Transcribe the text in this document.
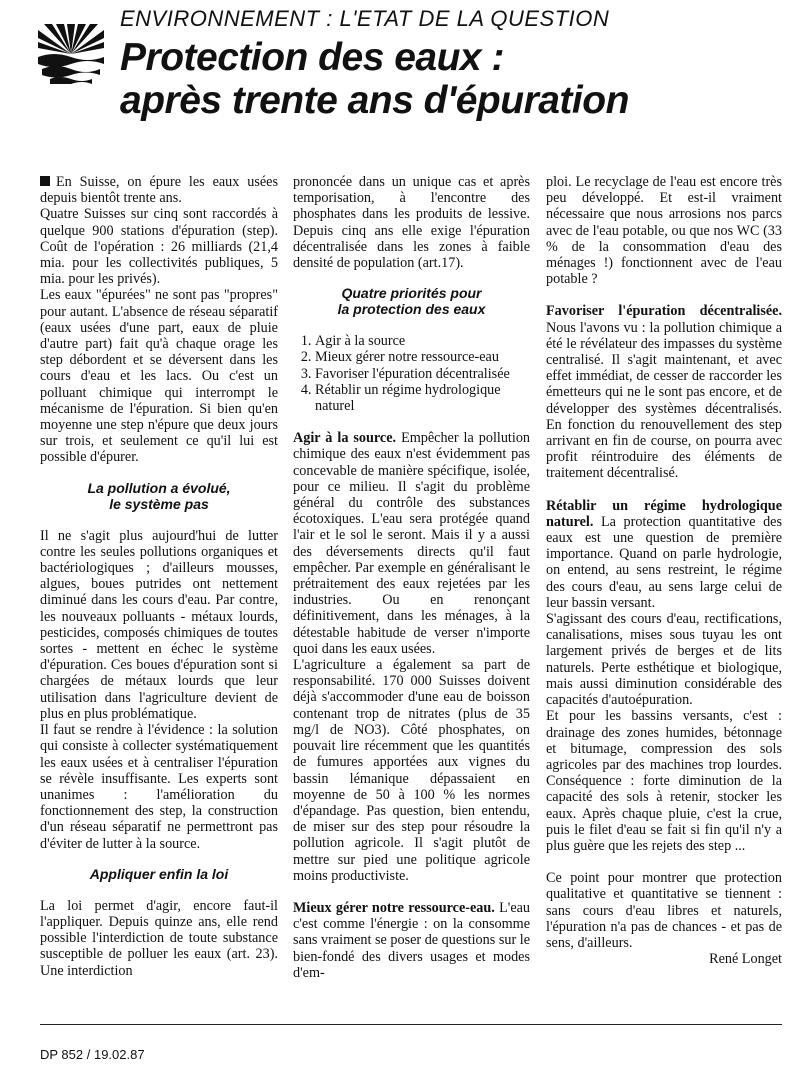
ENVIRONNEMENT : L'ETAT DE LA QUESTION
Protection des eaux :
après trente ans d'épuration

En Suisse, on épure les eaux usées depuis bientôt trente ans.

Quatre Suisses sur cinq sont raccordés à quelque 900 stations d'épuration (step). Coût de l'opération : 26 milliards (21,4 mia. pour les collectivités publiques, 5 mia. pour les privés).

Les eaux "épurées" ne sont pas "propres" pour autant. L'absence de réseau séparatif (eaux usées d'une part, eaux de pluie d'autre part) fait qu'à chaque orage les step débordent et se déversent dans les cours d'eau et les lacs. Ou c'est un polluant chimique qui interrompt le mécanisme de l'épuration. Si bien qu'en moyenne une step n'épure que deux jours sur trois, et seulement ce qu'il lui est possible d'épurer.

La pollution a évolué,
le système pas

Il ne s'agit plus aujourd'hui de lutter contre les seules pollutions organiques et bactériologiques ; d'ailleurs mousses, algues, boues putrides ont nettement diminué dans les cours d'eau. Par contre, les nouveaux polluants - métaux lourds, pesticides, composés chimiques de toutes sortes - mettent en échec le système d'épuration. Ces boues d'épuration sont si chargées de métaux lourds que leur utilisation dans l'agriculture devient de plus en plus problématique.

Il faut se rendre à l'évidence : la solution qui consiste à collecter systématiquement les eaux usées et à centraliser l'épuration se révèle insuffisante. Les experts sont unanimes : l'amélioration du fonctionnement des step, la construction d'un réseau séparatif ne permettront pas d'éviter de lutter à la source.

Appliquer enfin la loi

La loi permet d'agir, encore faut-il l'appliquer. Depuis quinze ans, elle rend possible l'interdiction de toute substance susceptible de polluer les eaux (art. 23). Une interdiction

prononcée dans un unique cas et après temporisation, à l'encontre des phosphates dans les produits de lessive. Depuis cinq ans elle exige l'épuration décentralisée dans les zones à faible densité de population (art.17).

Quatre priorités pour
la protection des eaux
1. Agir à la source
2. Mieux gérer notre ressource-eau
3. Favoriser l'épuration décentralisée
4. Rétablir un régime hydrologique naturel

Agir à la source. Empêcher la pollution chimique des eaux n'est évidemment pas concevable de manière spécifique, isolée, pour ce milieu. Il s'agit du problème général du contrôle des substances écotoxiques. L'eau sera protégée quand l'air et le sol le seront. Mais il y a aussi des déversements directs qu'il faut empêcher. Par exemple en généralisant le prétraitement des eaux rejetées par les industries. Ou en renonçant définitivement, dans les ménages, à la détestable habitude de verser n'importe quoi dans les eaux usées.

L'agriculture a également sa part de responsabilité. 170 000 Suisses doivent déjà s'accommoder d'une eau de boisson contenant trop de nitrates (plus de 35 mg/l de NO3). Côté phosphates, on pouvait lire récemment que les quantités de fumures apportées aux vignes du bassin lémanique dépassaient en moyenne de 50 à 100 % les normes d'épandage. Pas question, bien entendu, de miser sur des step pour résoudre la pollution agricole. Il s'agit plutôt de mettre sur pied une politique agricole moins productiviste.

Mieux gérer notre ressource-eau. L'eau c'est comme l'énergie : on la consomme sans vraiment se poser de questions sur le bien-fondé des divers usages et modes d'em-

ploi. Le recyclage de l'eau est encore très peu développé. Et est-il vraiment nécessaire que nous arrosions nos parcs avec de l'eau potable, ou que nos WC (33 % de la consommation d'eau des ménages !) fonctionnent avec de l'eau potable ?

Favoriser l'épuration décentralisée. Nous l'avons vu : la pollution chimique a été le révélateur des impasses du système centralisé. Il s'agit maintenant, et avec effet immédiat, de cesser de raccorder les émetteurs qui ne le sont pas encore, et de développer des systèmes décentralisés. En fonction du renouvellement des step arrivant en fin de course, on pourra avec profit réintroduire des éléments de traitement décentralisé.

Rétablir un régime hydrologique naturel. La protection quantitative des eaux est une question de première importance. Quand on parle hydrologie, on entend, au sens restreint, le régime des cours d'eau, au sens large celui de leur bassin versant.

S'agissant des cours d'eau, rectifications, canalisations, mises sous tuyau les ont largement privés de berges et de lits naturels. Perte esthétique et biologique, mais aussi diminution considérable des capacités d'autoépuration.

Et pour les bassins versants, c'est : drainage des zones humides, bétonnage et bitumage, compression des sols agricoles par des machines trop lourdes. Conséquence : forte diminution de la capacité des sols à retenir, stocker les eaux. Après chaque pluie, c'est la crue, puis le filet d'eau se fait si fin qu'il n'y a plus guère que les rejets des step ...

Ce point pour montrer que protection qualitative et quantitative se tiennent : sans cours d'eau libres et naturels, l'épuration n'a pas de chances - et pas de sens, d'ailleurs.

René Longet

DP 852 / 19.02.87
